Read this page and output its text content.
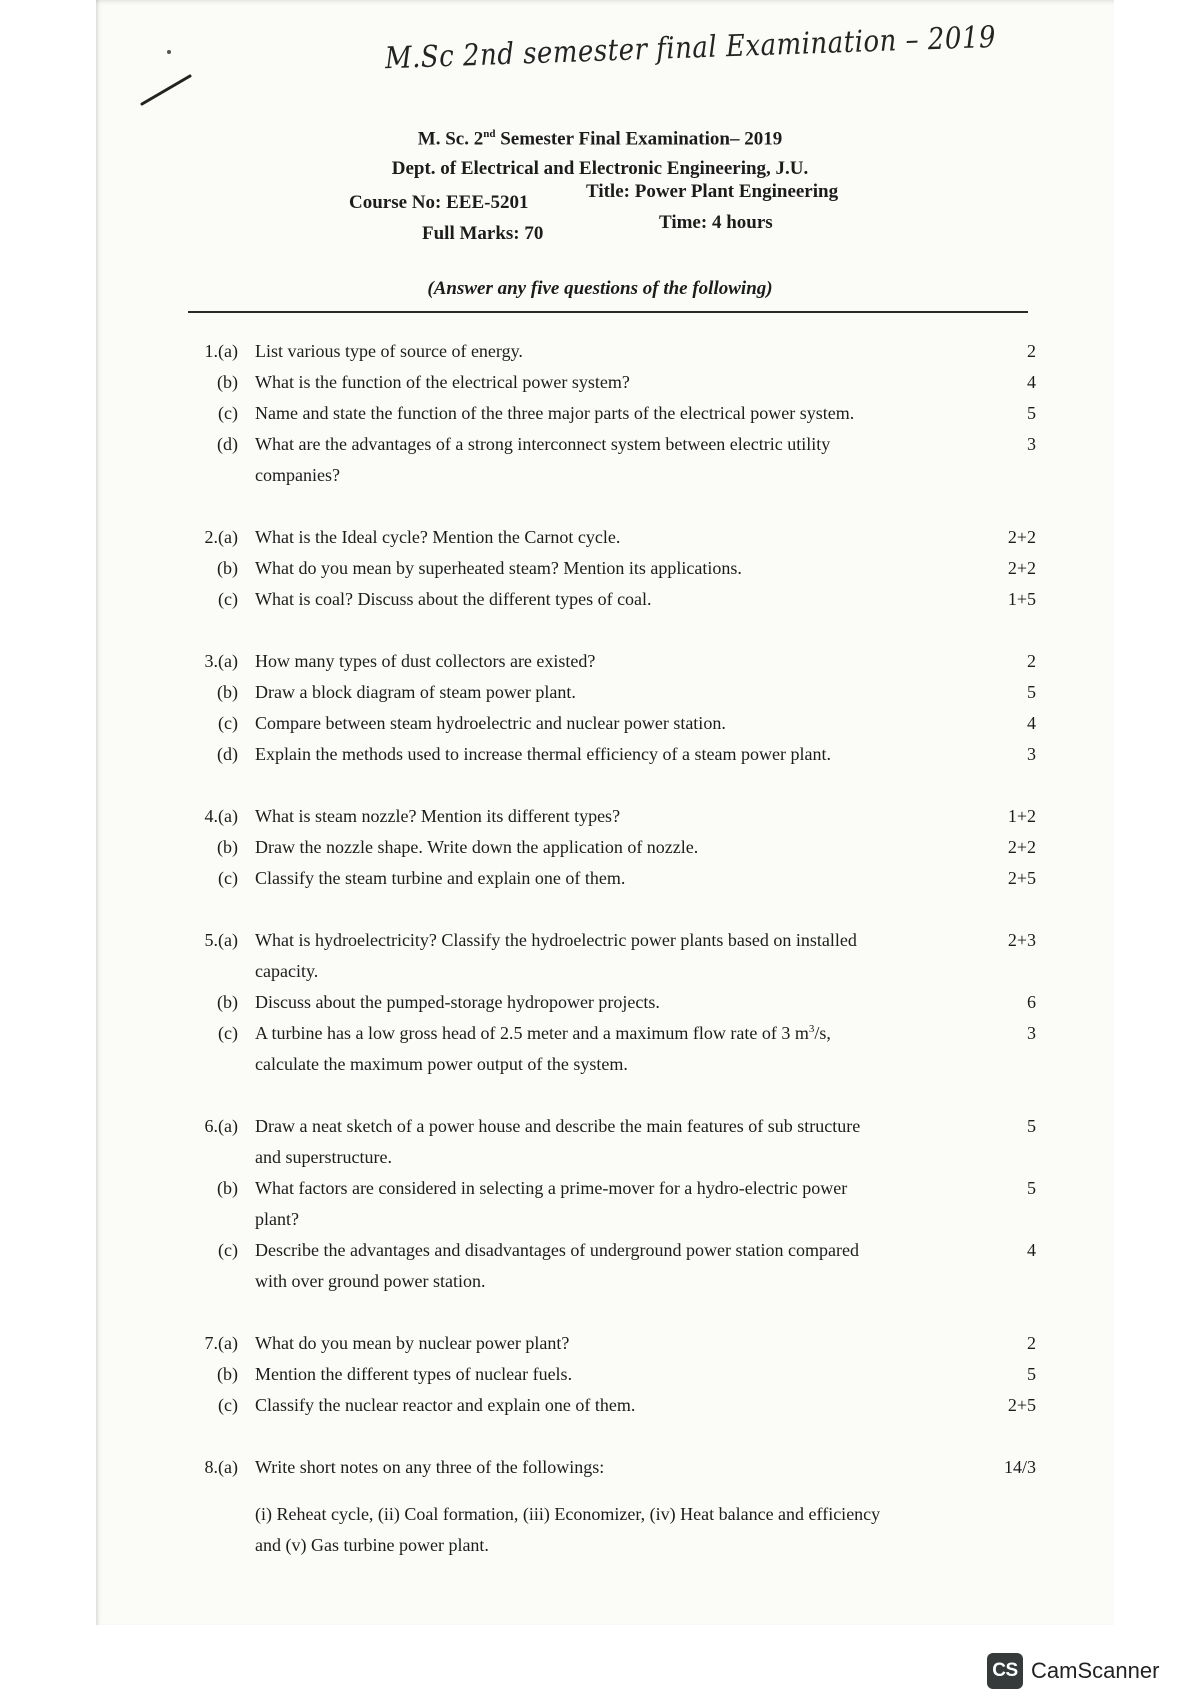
M.Sc 2nd semester final Examination – 2019
M. Sc. 2nd Semester Final Examination– 2019
Dept. of Electrical and Electronic Engineering, J.U.
Course No: EEE-5201
Title: Power Plant Engineering
Full Marks: 70
Time: 4 hours
(Answer any five questions of the following)
1.(a) List various type of source of energy.	2
(b) What is the function of the electrical power system?	4
(c) Name and state the function of the three major parts of the electrical power system.	5
(d) What are the advantages of a strong interconnect system between electric utility	3
companies?
2.(a) What is the Ideal cycle? Mention the Carnot cycle.	2+2
(b) What do you mean by superheated steam? Mention its applications.	2+2
(c) What is coal? Discuss about the different types of coal.	1+5
3.(a) How many types of dust collectors are existed?	2
(b) Draw a block diagram of steam power plant.	5
(c) Compare between steam hydroelectric and nuclear power station.	4
(d) Explain the methods used to increase thermal efficiency of a steam power plant.	3
4.(a) What is steam nozzle? Mention its different types?	1+2
(b) Draw the nozzle shape. Write down the application of nozzle.	2+2
(c) Classify the steam turbine and explain one of them.	2+5
5.(a) What is hydroelectricity? Classify the hydroelectric power plants based on installed	2+3
capacity.
(b) Discuss about the pumped-storage hydropower projects.	6
(c) A turbine has a low gross head of 2.5 meter and a maximum flow rate of 3 $m^3/s$,	3
calculate the maximum power output of the system.
6.(a) Draw a neat sketch of a power house and describe the main features of sub structure	5
and superstructure.
(b) What factors are considered in selecting a prime-mover for a hydro-electric power	5
plant?
(c) Describe the advantages and disadvantages of underground power station compared	4
with over ground power station.
7.(a) What do you mean by nuclear power plant?	2
(b) Mention the different types of nuclear fuels.	5
(c) Classify the nuclear reactor and explain one of them.	2+5
8.(a) Write short notes on any three of the followings:	14/3
(i) Reheat cycle, (ii) Coal formation, (iii) Economizer, (iv) Heat balance and efficiency
and (v) Gas turbine power plant.
CS CamScanner
